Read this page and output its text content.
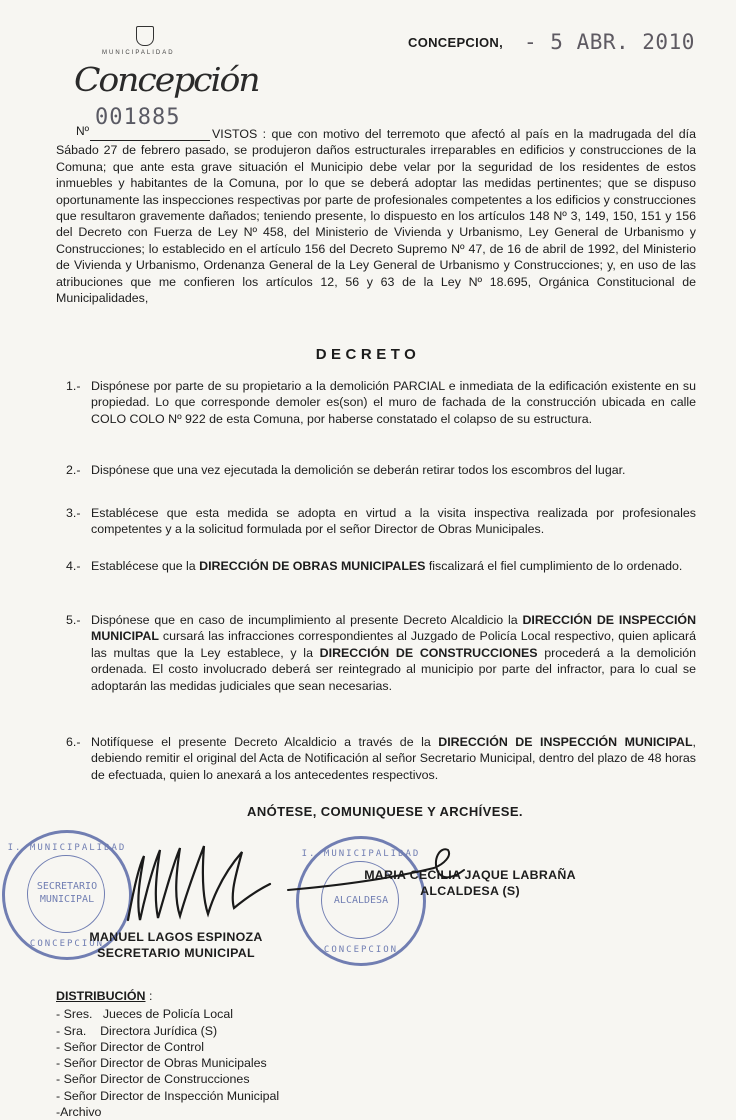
MUNICIPALIDAD
Concepción
CONCEPCION, - 5 ABR. 2010
Nº
001885
VISTOS : que con motivo del terremoto que afectó al país en la madrugada del día Sábado 27 de febrero pasado, se produjeron daños estructurales irreparables en edificios y construcciones de la Comuna; que ante esta grave situación el Municipio debe velar por la seguridad de los residentes de estos inmuebles y habitantes de la Comuna, por lo que se deberá adoptar las medidas pertinentes; que se dispuso oportunamente las inspecciones respectivas por parte de profesionales competentes a los edificios y construcciones que resultaron gravemente dañados; teniendo presente, lo dispuesto en los artículos 148 Nº 3, 149, 150, 151 y 156 del Decreto con Fuerza de Ley Nº 458, del Ministerio de Vivienda y Urbanismo, Ley General de Urbanismo y Construcciones; lo establecido en el artículo 156 del Decreto Supremo Nº 47, de 16 de abril de 1992, del Ministerio de Vivienda y Urbanismo, Ordenanza General de la Ley General de Urbanismo y Construcciones; y, en uso de las atribuciones que me confieren los artículos 12, 56 y 63 de la Ley Nº 18.695, Orgánica Constitucional de Municipalidades,
DECRETO
1.- Dispónese por parte de su propietario a la demolición PARCIAL e inmediata de la edificación existente en su propiedad. Lo que corresponde demoler es(son) el muro de fachada de la construcción ubicada en calle COLO COLO Nº 922 de esta Comuna, por haberse constatado el colapso de su estructura.
2.- Dispónese que una vez ejecutada la demolición se deberán retirar todos los escombros del lugar.
3.- Establécese que esta medida se adopta en virtud a la visita inspectiva realizada por profesionales competentes y a la solicitud formulada por el señor Director de Obras Municipales.
4.- Establécese que la DIRECCIÓN DE OBRAS MUNICIPALES fiscalizará el fiel cumplimiento de lo ordenado.
5.- Dispónese que en caso de incumplimiento al presente Decreto Alcaldicio la DIRECCIÓN DE INSPECCIÓN MUNICIPAL cursará las infracciones correspondientes al Juzgado de Policía Local respectivo, quien aplicará las multas que la Ley establece, y la DIRECCIÓN DE CONSTRUCCIONES procederá a la demolición ordenada. El costo involucrado deberá ser reintegrado al municipio por parte del infractor, para lo cual se adoptarán las medidas judiciales que sean necesarias.
6.- Notifíquese el presente Decreto Alcaldicio a través de la DIRECCIÓN DE INSPECCIÓN MUNICIPAL, debiendo remitir el original del Acta de Notificación al señor Secretario Municipal, dentro del plazo de 48 horas de efectuada, quien lo anexará a los antecedentes respectivos.
ANÓTESE, COMUNIQUESE Y ARCHÍVESE.
I. MUNICIPALIDAD
SECRETARIO
MUNICIPAL
CONCEPCION
I. MUNICIPALIDAD
ALCALDESA
CONCEPCION
MANUEL LAGOS ESPINOZA
SECRETARIO MUNICIPAL
MARIA CECILIA JAQUE LABRAÑA
ALCALDESA (S)
DISTRIBUCIÓN :
- Sres.   Jueces de Policía Local
- Sra.    Directora Jurídica (S)
- Señor Director de Control
- Señor Director de Obras Municipales
- Señor Director de Construcciones
- Señor Director de Inspección Municipal
-Archivo
